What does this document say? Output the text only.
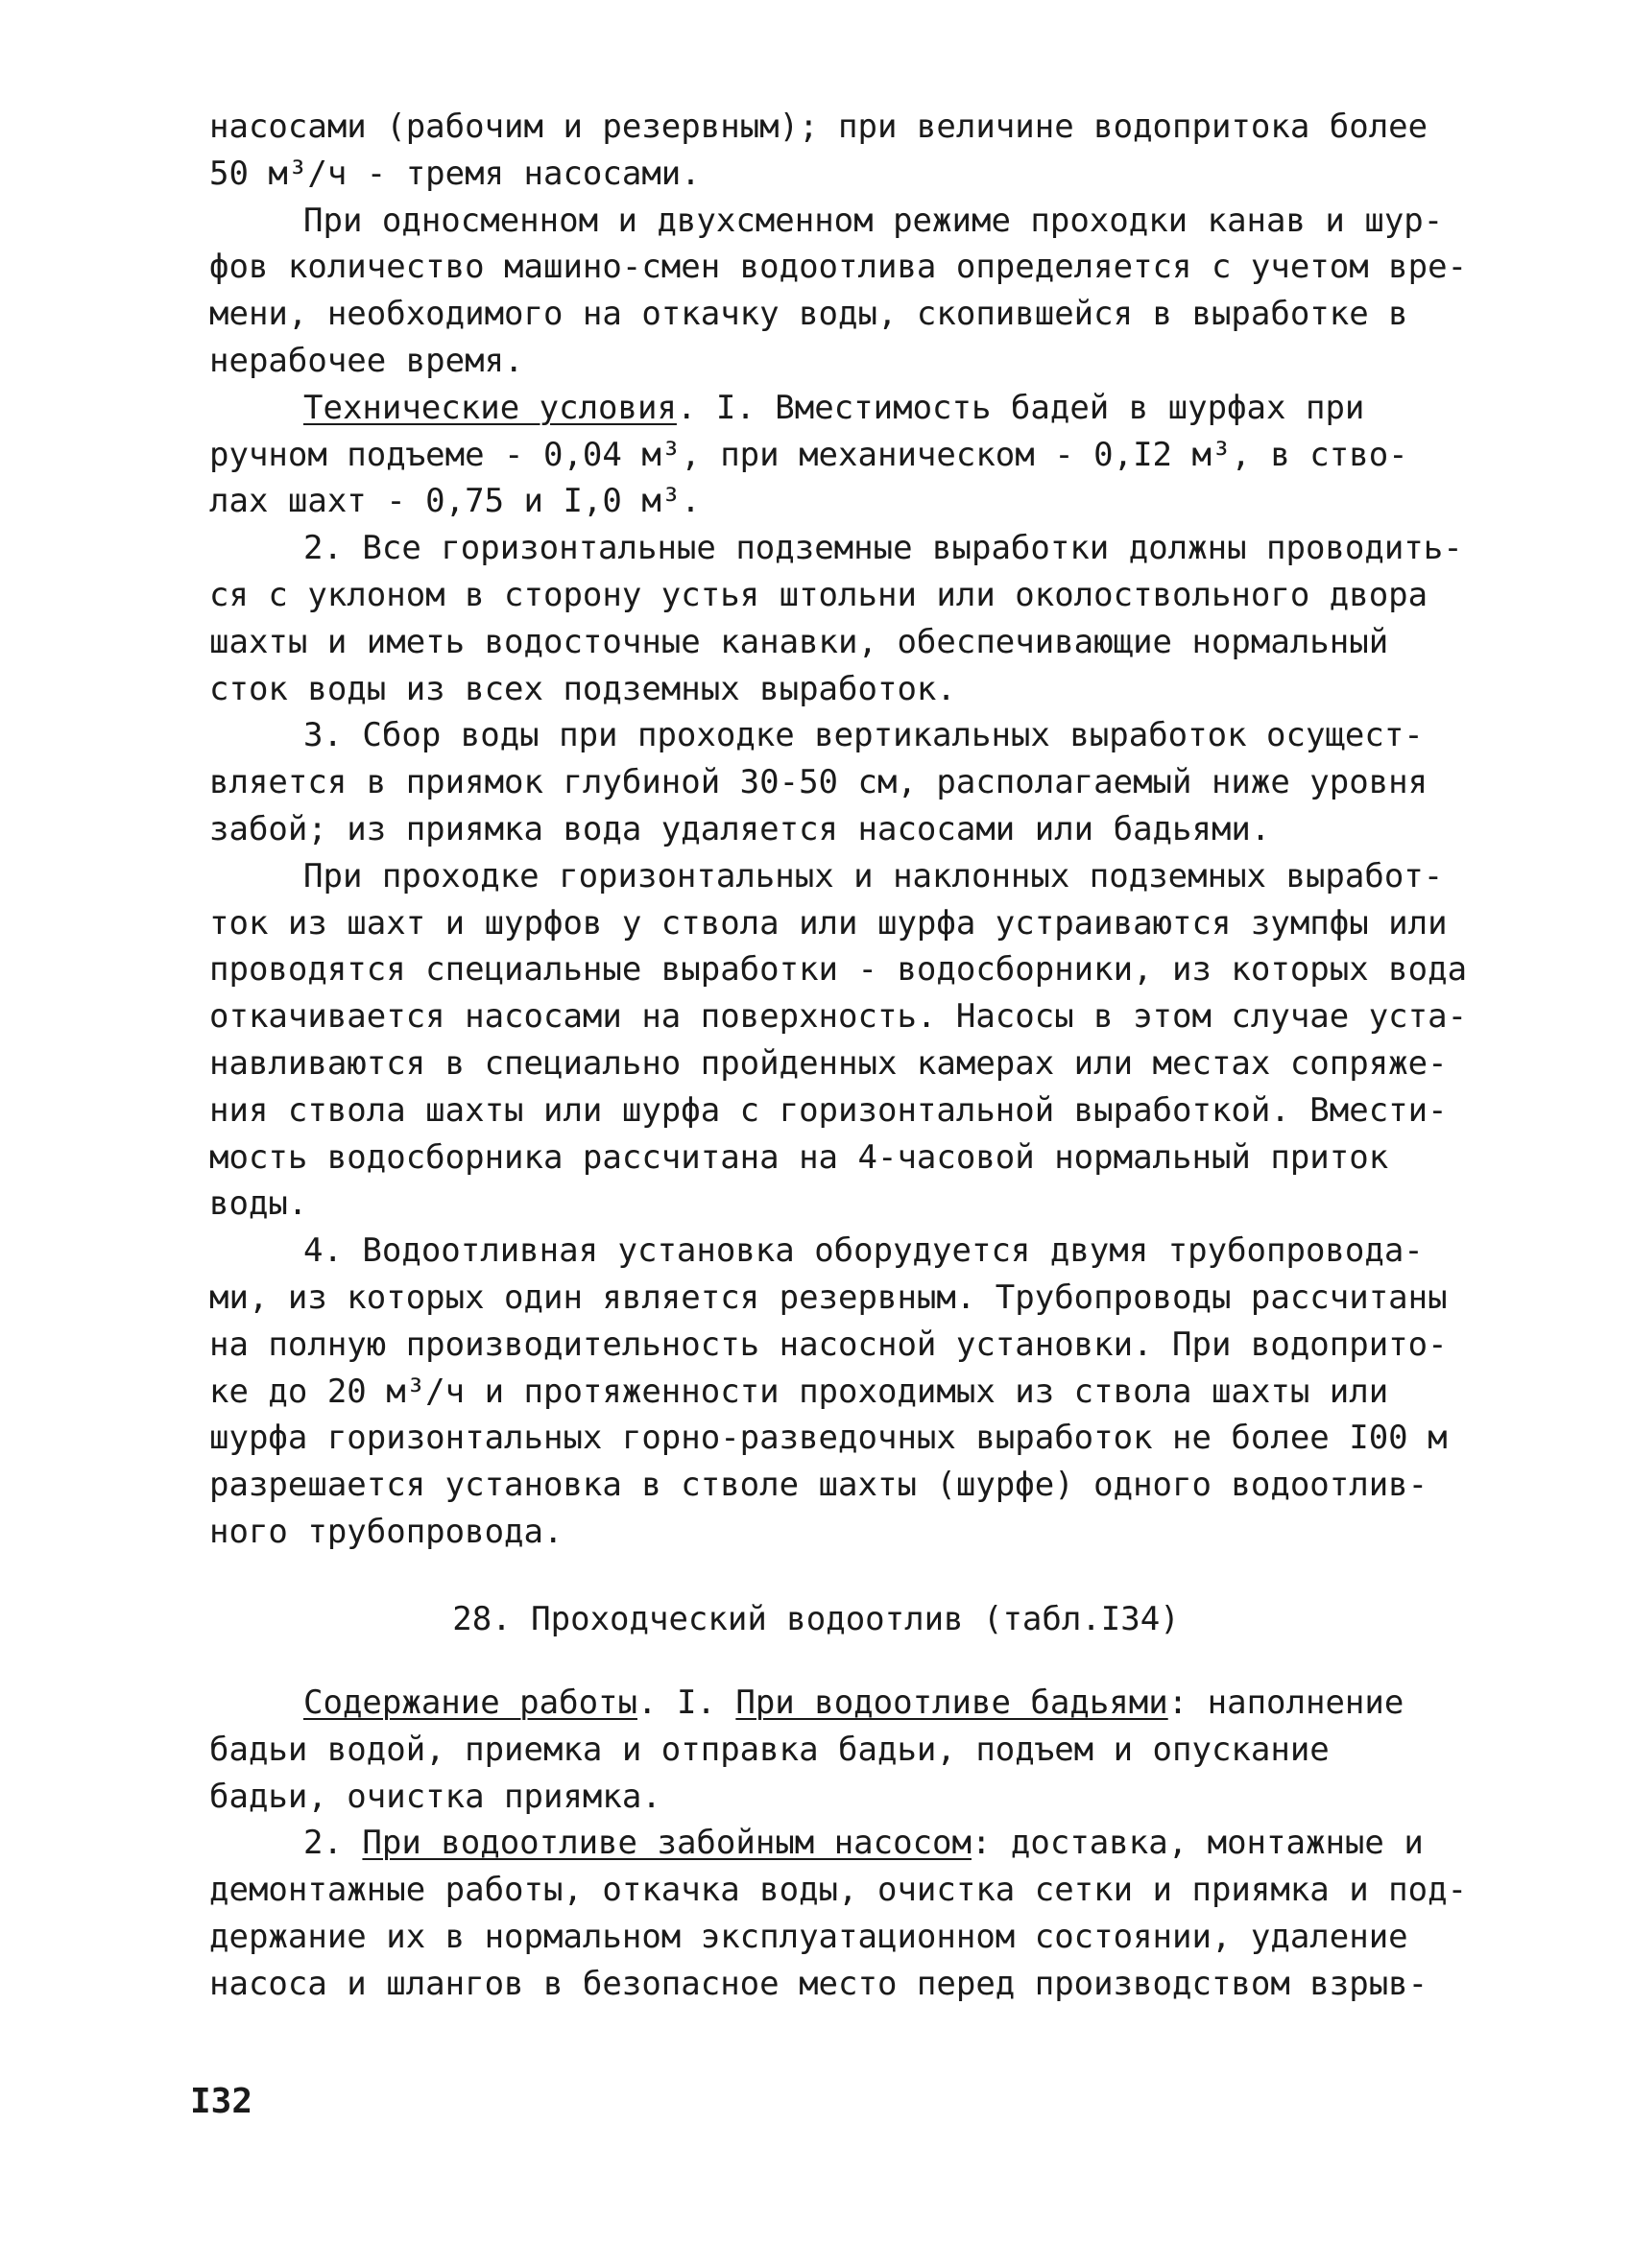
насосами (рабочим и резервным); при величине водопритока более
50 м³/ч - тремя насосами.
При односменном и двухсменном режиме проходки канав и шур-
фов количество машино-смен водоотлива определяется с учетом вре-
мени, необходимого на откачку воды, скопившейся в выработке в
нерабочее время.
Технические условия. I. Вместимость бадей в шурфах при
ручном подъеме - 0,04 м³, при механическом - 0,I2 м³, в ство-
лах шахт - 0,75 и I,0 м³.
2. Все горизонтальные подземные выработки должны проводить-
ся с уклоном в сторону устья штольни или околоствольного двора
шахты и иметь водосточные канавки, обеспечивающие нормальный
сток воды из всех подземных выработок.
3. Сбор воды при проходке вертикальных выработок осущест-
вляется в приямок глубиной 30-50 см, располагаемый ниже уровня
забой; из приямка вода удаляется насосами или бадьями.
При проходке горизонтальных и наклонных подземных выработ-
ток из шахт и шурфов у ствола или шурфа устраиваются зумпфы или
проводятся специальные выработки - водосборники, из которых вода
откачивается насосами на поверхность. Насосы в этом случае уста-
навливаются в специально пройденных камерах или местах сопряже-
ния ствола шахты или шурфа с горизонтальной выработкой. Вмести-
мость водосборника рассчитана на 4-часовой нормальный приток
воды.
4. Водоотливная установка оборудуется двумя трубопровода-
ми, из которых один является резервным. Трубопроводы рассчитаны
на полную производительность насосной установки. При водоприто-
ке до 20 м³/ч и протяженности проходимых из ствола шахты или
шурфа горизонтальных горно-разведочных выработок не более I00 м
разрешается установка в стволе шахты (шурфе) одного водоотлив-
ного трубопровода.
28. Проходческий водоотлив (табл.I34)
Содержание работы. I. При водоотливе бадьями: наполнение
бадьи водой, приемка и отправка бадьи, подъем и опускание
бадьи, очистка приямка.
2. При водоотливе забойным насосом: доставка, монтажные и
демонтажные работы, откачка воды, очистка сетки и приямка и под-
держание их в нормальном эксплуатационном состоянии, удаление
насоса и шлангов в безопасное место перед производством взрыв-
I32
